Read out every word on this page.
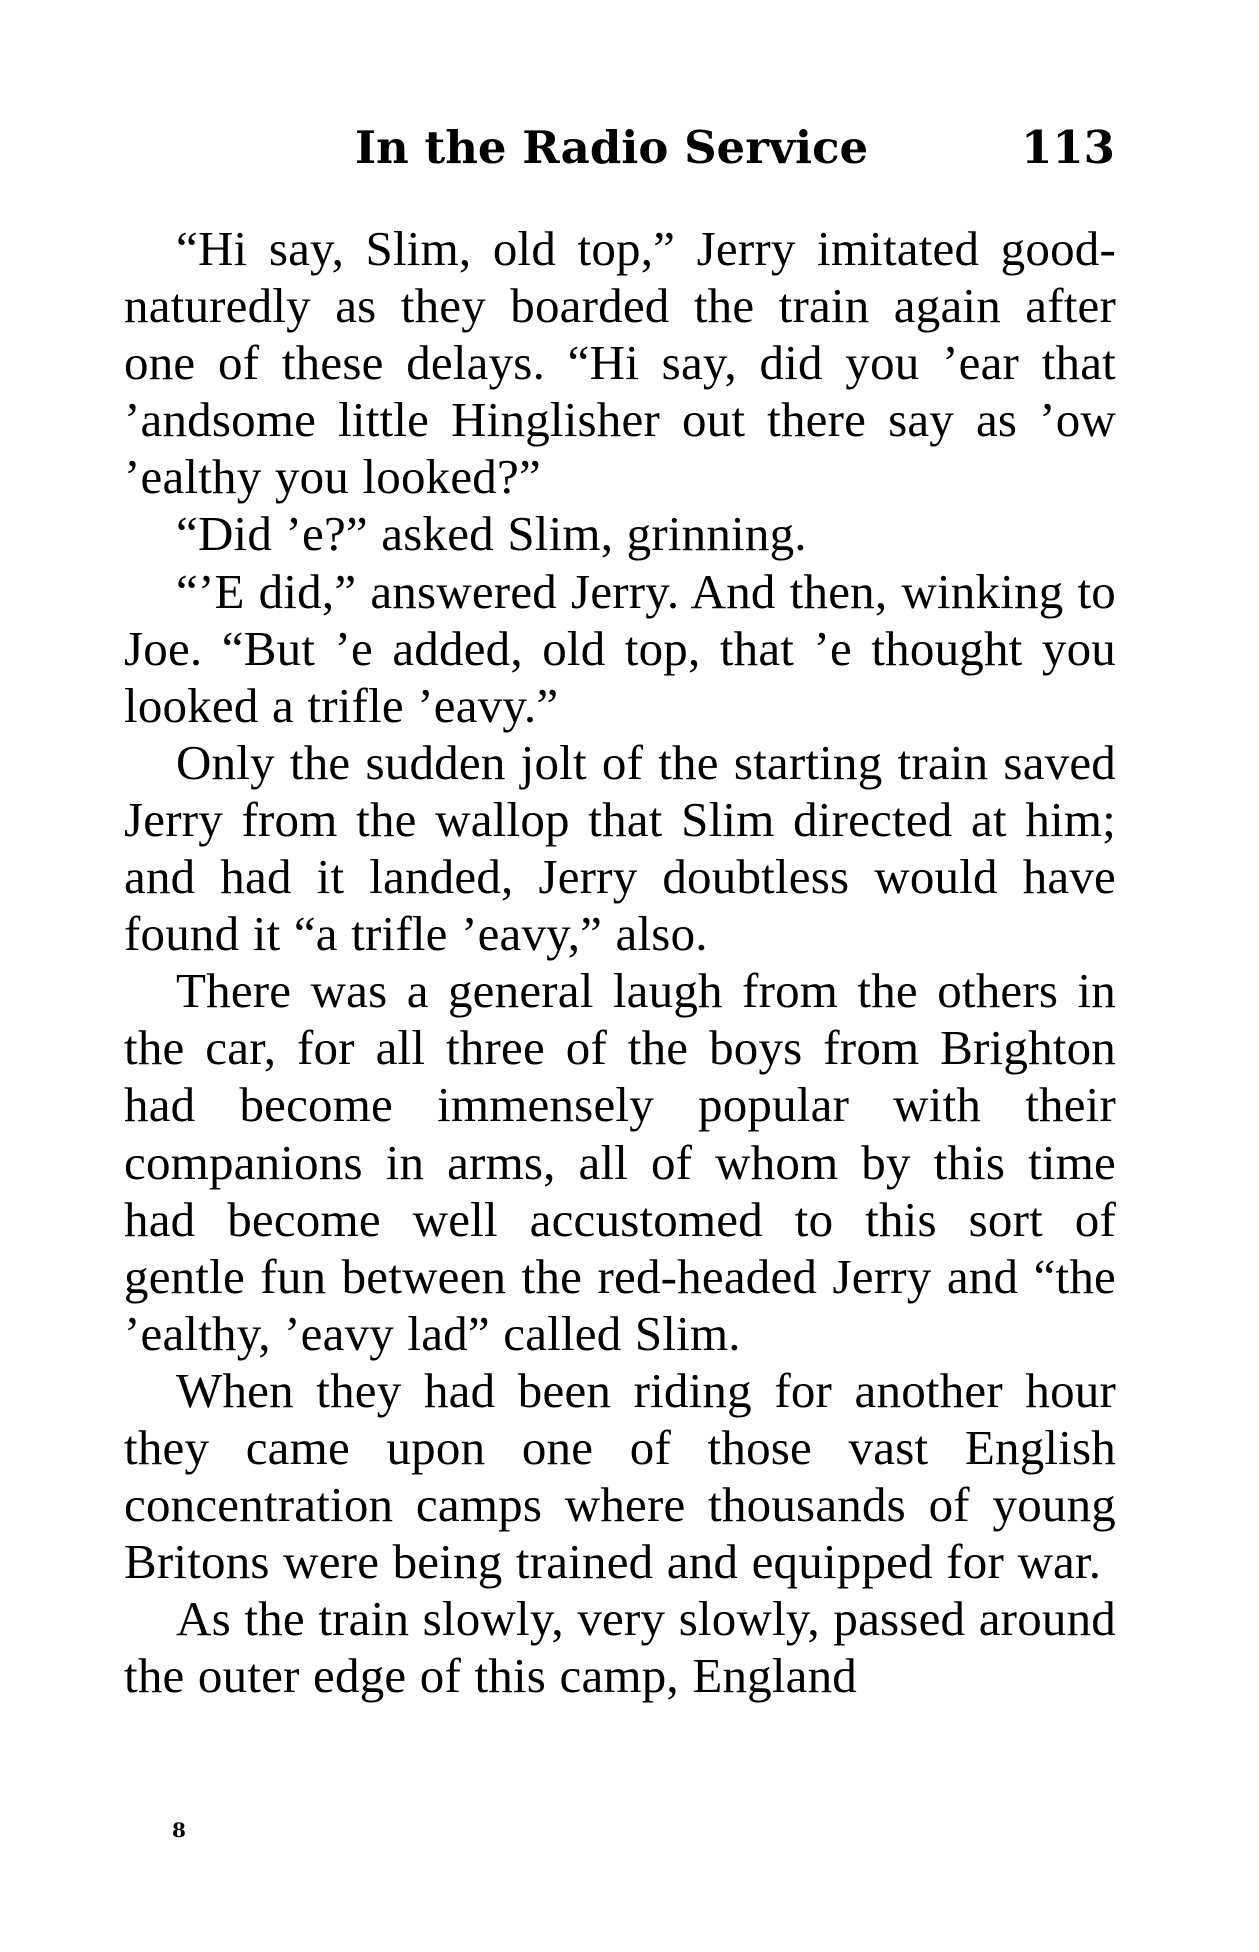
In the Radio Service	113

“Hi say, Slim, old top,” Jerry imitated good-naturedly as they boarded the train again after one of these delays. “Hi say, did you ’ear that ’andsome little Hinglisher out there say as ’ow ’ealthy you looked?”

“Did ’e?” asked Slim, grinning.

“’E did,” answered Jerry. And then, winking to Joe. “But ’e added, old top, that ’e thought you looked a trifle ’eavy.”

Only the sudden jolt of the starting train saved Jerry from the wallop that Slim directed at him; and had it landed, Jerry doubtless would have found it “a trifle ’eavy,” also.

There was a general laugh from the others in the car, for all three of the boys from Brighton had become immensely popular with their companions in arms, all of whom by this time had become well accustomed to this sort of gentle fun between the red-headed Jerry and “the ’ealthy, ’eavy lad” called Slim.

When they had been riding for another hour they came upon one of those vast English concentration camps where thousands of young Britons were being trained and equipped for war.

As the train slowly, very slowly, passed around the outer edge of this camp, England

8
